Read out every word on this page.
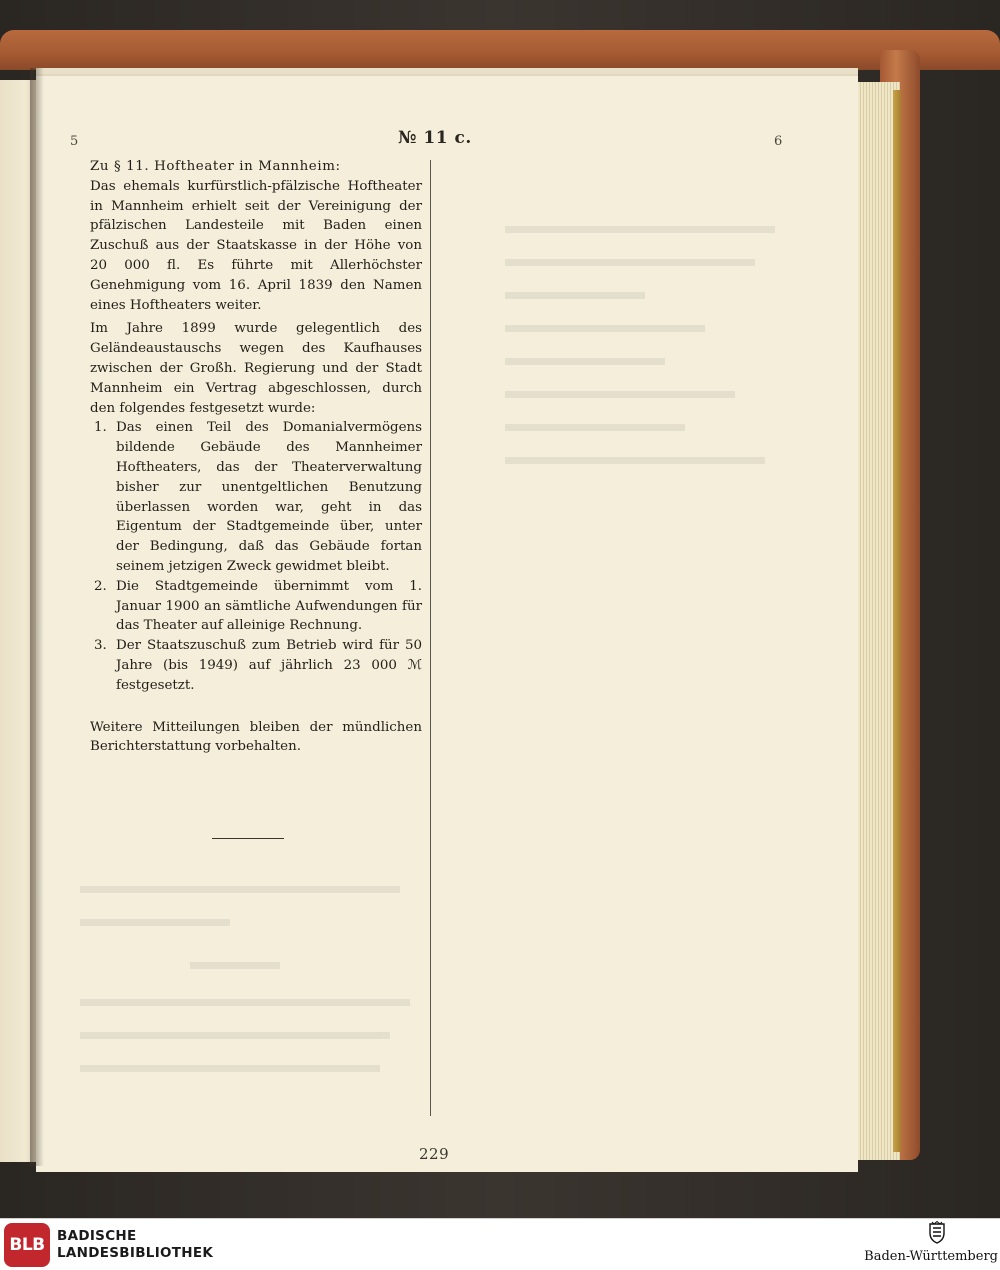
5	№ 11 c.	6
Zu § 11. Hoftheater in Mannheim:

Das ehemals kurfürstlich-pfälzische Hoftheater in Mannheim erhielt seit der Vereinigung der pfälzischen Landesteile mit Baden einen Zuschuß aus der Staatskasse in der Höhe von 20 000 fl. Es führte mit Allerhöchster Genehmigung vom 16. April 1839 den Namen eines Hoftheaters weiter.

Im Jahre 1899 wurde gelegentlich des Geländeaustauschs wegen des Kaufhauses zwischen der Großh. Regierung und der Stadt Mannheim ein Vertrag abgeschlossen, durch den folgendes festgesetzt wurde:

1. Das einen Teil des Domanialvermögens bildende Gebäude des Mannheimer Hoftheaters, das der Theaterverwaltung bisher zur unentgeltlichen Benutzung überlassen worden war, geht in das Eigentum der Stadtgemeinde über, unter der Bedingung, daß das Gebäude fortan seinem jetzigen Zweck gewidmet bleibt.
2. Die Stadtgemeinde übernimmt vom 1. Januar 1900 an sämtliche Aufwendungen für das Theater auf alleinige Rechnung.
3. Der Staatszuschuß zum Betrieb wird für 50 Jahre (bis 1949) auf jährlich 23 000 ℳ festgesetzt.

Weitere Mitteilungen bleiben der mündlichen Berichterstattung vorbehalten.

229
BLB BADISCHE
LANDESBIBLIOTHEK	Baden-Württemberg
